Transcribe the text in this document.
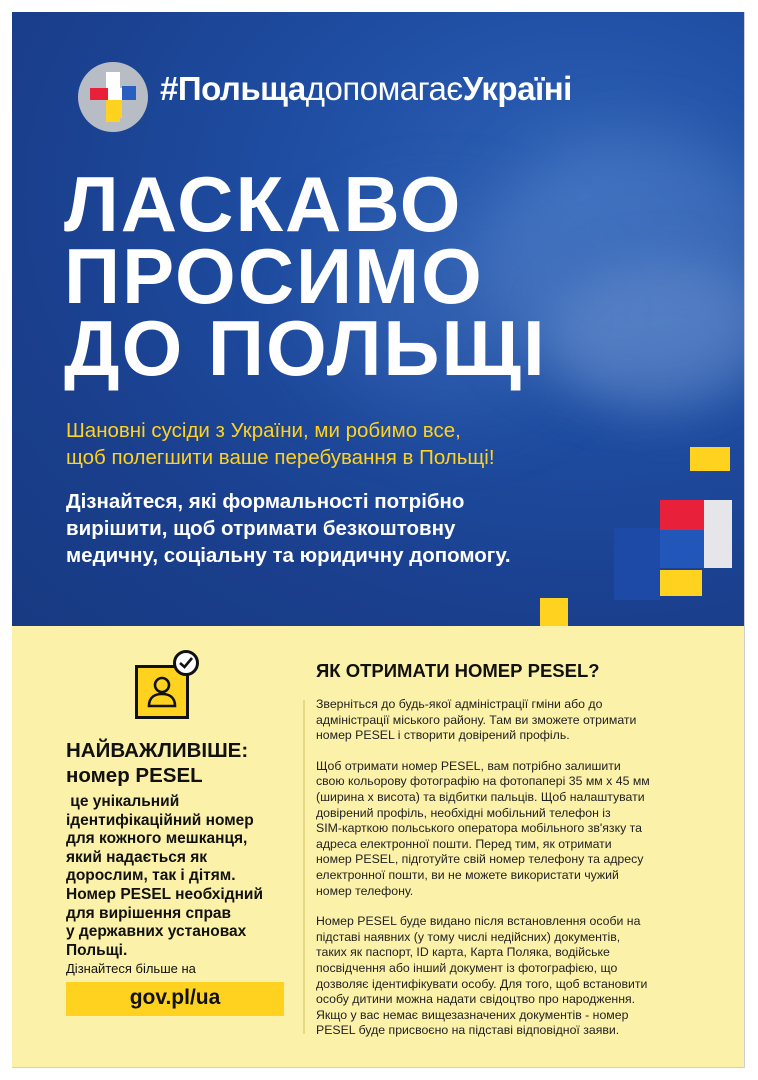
#ПольщадопомагаєУкраїні
ЛАСКАВО
ПРОСИМО
ДО ПОЛЬЩІ
Шановні сусіди з України, ми робимо все,
щоб полегшити ваше перебування в Польщі!
Дізнайтеся, які формальності потрібно
вирішити, щоб отримати безкоштовну
медичну, соціальну та юридичну допомогу.
НАЙВАЖЛИВІШЕ:
номер PESEL
це унікальний
ідентифікаційний номер
для кожного мешканця,
який надається як
дорослим, так і дітям.
Номер PESEL необхідний
для вирішення справ
у державних установах
Польщі.
Дізнайтеся більше на
gov.pl/ua
ЯК ОТРИМАТИ НОМЕР PESEL?

Зверніться до будь-якої адміністрації гміни або до
адміністрації міського району. Там ви зможете отримати
номер PESEL і створити довірений профіль.

Щоб отримати номер PESEL, вам потрібно залишити
свою кольорову фотографію на фотопапері 35 мм х 45 мм
(ширина х висота) та відбитки пальців. Щоб налаштувати
довірений профіль, необхідні мобільний телефон із
SIM-карткою польського оператора мобільного зв'язку та
адреса електронної пошти. Перед тим, як отримати
номер PESEL, підготуйте свій номер телефону та адресу
електронної пошти, ви не можете використати чужий
номер телефону.

Номер PESEL буде видано після встановлення особи на
підставі наявних (у тому числі недійсних) документів,
таких як паспорт, ID карта, Карта Поляка, водійське
посвідчення або інший документ із фотографією, що
дозволяє ідентифікувати особу. Для того, щоб встановити
особу дитини можна надати свідоцтво про народження.
Якщо у вас немає вищезазначених документів - номер
PESEL буде присвоєно на підставі відповідної заяви.
